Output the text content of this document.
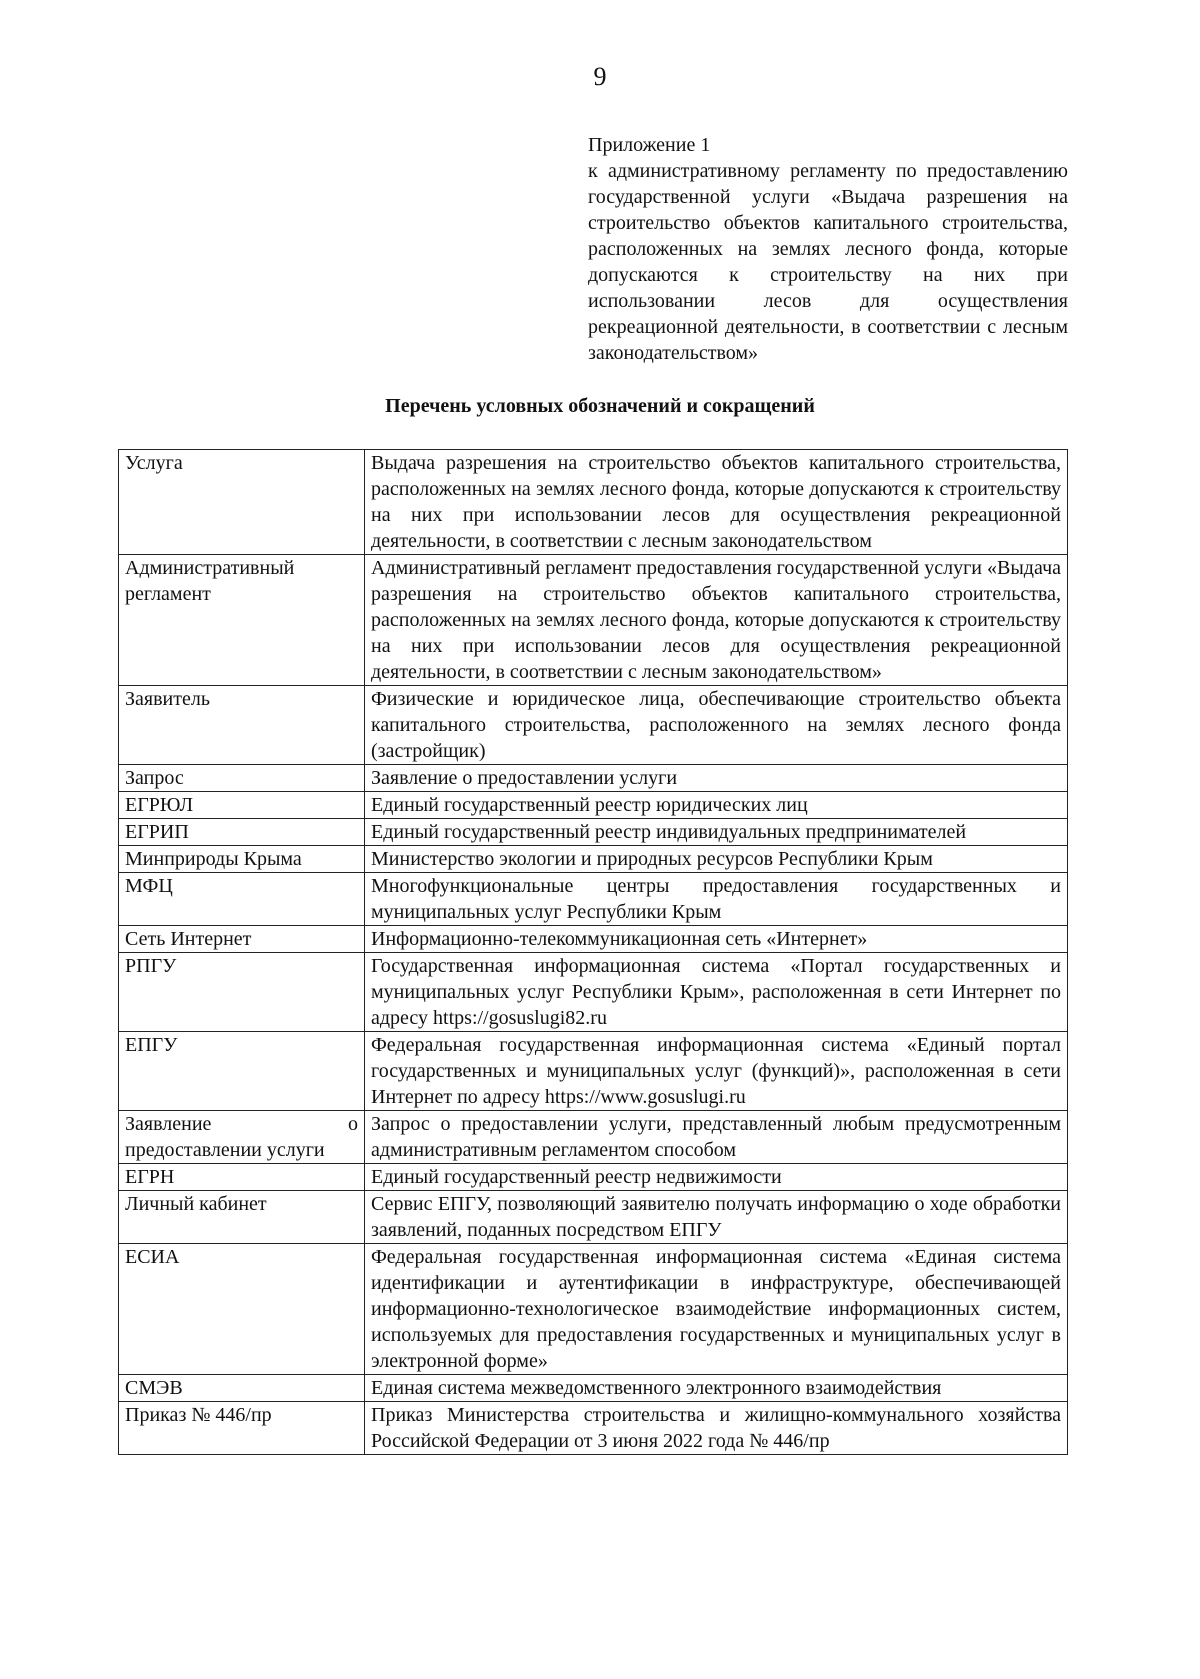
9
Приложение 1
к административному регламенту по предоставлению государственной услуги «Выдача разрешения на строительство объектов капитального строительства, расположенных на землях лесного фонда, которые допускаются к строительству на них при использовании лесов для осуществления рекреационной деятельности, в соответствии с лесным законодательством»
Перечень условных обозначений и сокращений
Услуга	Выдача разрешения на строительство объектов капитального строительства, расположенных на землях лесного фонда, которые допускаются к строительству на них при использовании лесов для осуществления рекреационной деятельности, в соответствии с лесным законодательством
Административный регламент	Административный регламент предоставления государственной услуги «Выдача разрешения на строительство объектов капитального строительства, расположенных на землях лесного фонда, которые допускаются к строительству на них при использовании лесов для осуществления рекреационной деятельности, в соответствии с лесным законодательством»
Заявитель	Физические и юридическое лица, обеспечивающие строительство объекта капитального строительства, расположенного на землях лесного фонда (застройщик)
Запрос	Заявление о предоставлении услуги
ЕГРЮЛ	Единый государственный реестр юридических лиц
ЕГРИП	Единый государственный реестр индивидуальных предпринимателей
Минприроды Крыма	Министерство экологии и природных ресурсов Республики Крым
МФЦ	Многофункциональные центры предоставления государственных и муниципальных услуг Республики Крым
Сеть Интернет	Информационно-телекоммуникационная сеть «Интернет»
РПГУ	Государственная информационная система «Портал государственных и муниципальных услуг Республики Крым», расположенная в сети Интернет по адресу https://gosuslugi82.ru
ЕПГУ	Федеральная государственная информационная система «Единый портал государственных и муниципальных услуг (функций)», расположенная в сети Интернет по адресу https://www.gosuslugi.ru
Заявление о предоставлении услуги	Запрос о предоставлении услуги, представленный любым предусмотренным административным регламентом способом
ЕГРН	Единый государственный реестр недвижимости
Личный кабинет	Сервис ЕПГУ, позволяющий заявителю получать информацию о ходе обработки заявлений, поданных посредством ЕПГУ
ЕСИА	Федеральная государственная информационная система «Единая система идентификации и аутентификации в инфраструктуре, обеспечивающей информационно-технологическое взаимодействие информационных систем, используемых для предоставления государственных и муниципальных услуг в электронной форме»
СМЭВ	Единая система межведомственного электронного взаимодействия
Приказ № 446/пр	Приказ Министерства строительства и жилищно-коммунального хозяйства Российской Федерации от 3 июня 2022 года № 446/пр
